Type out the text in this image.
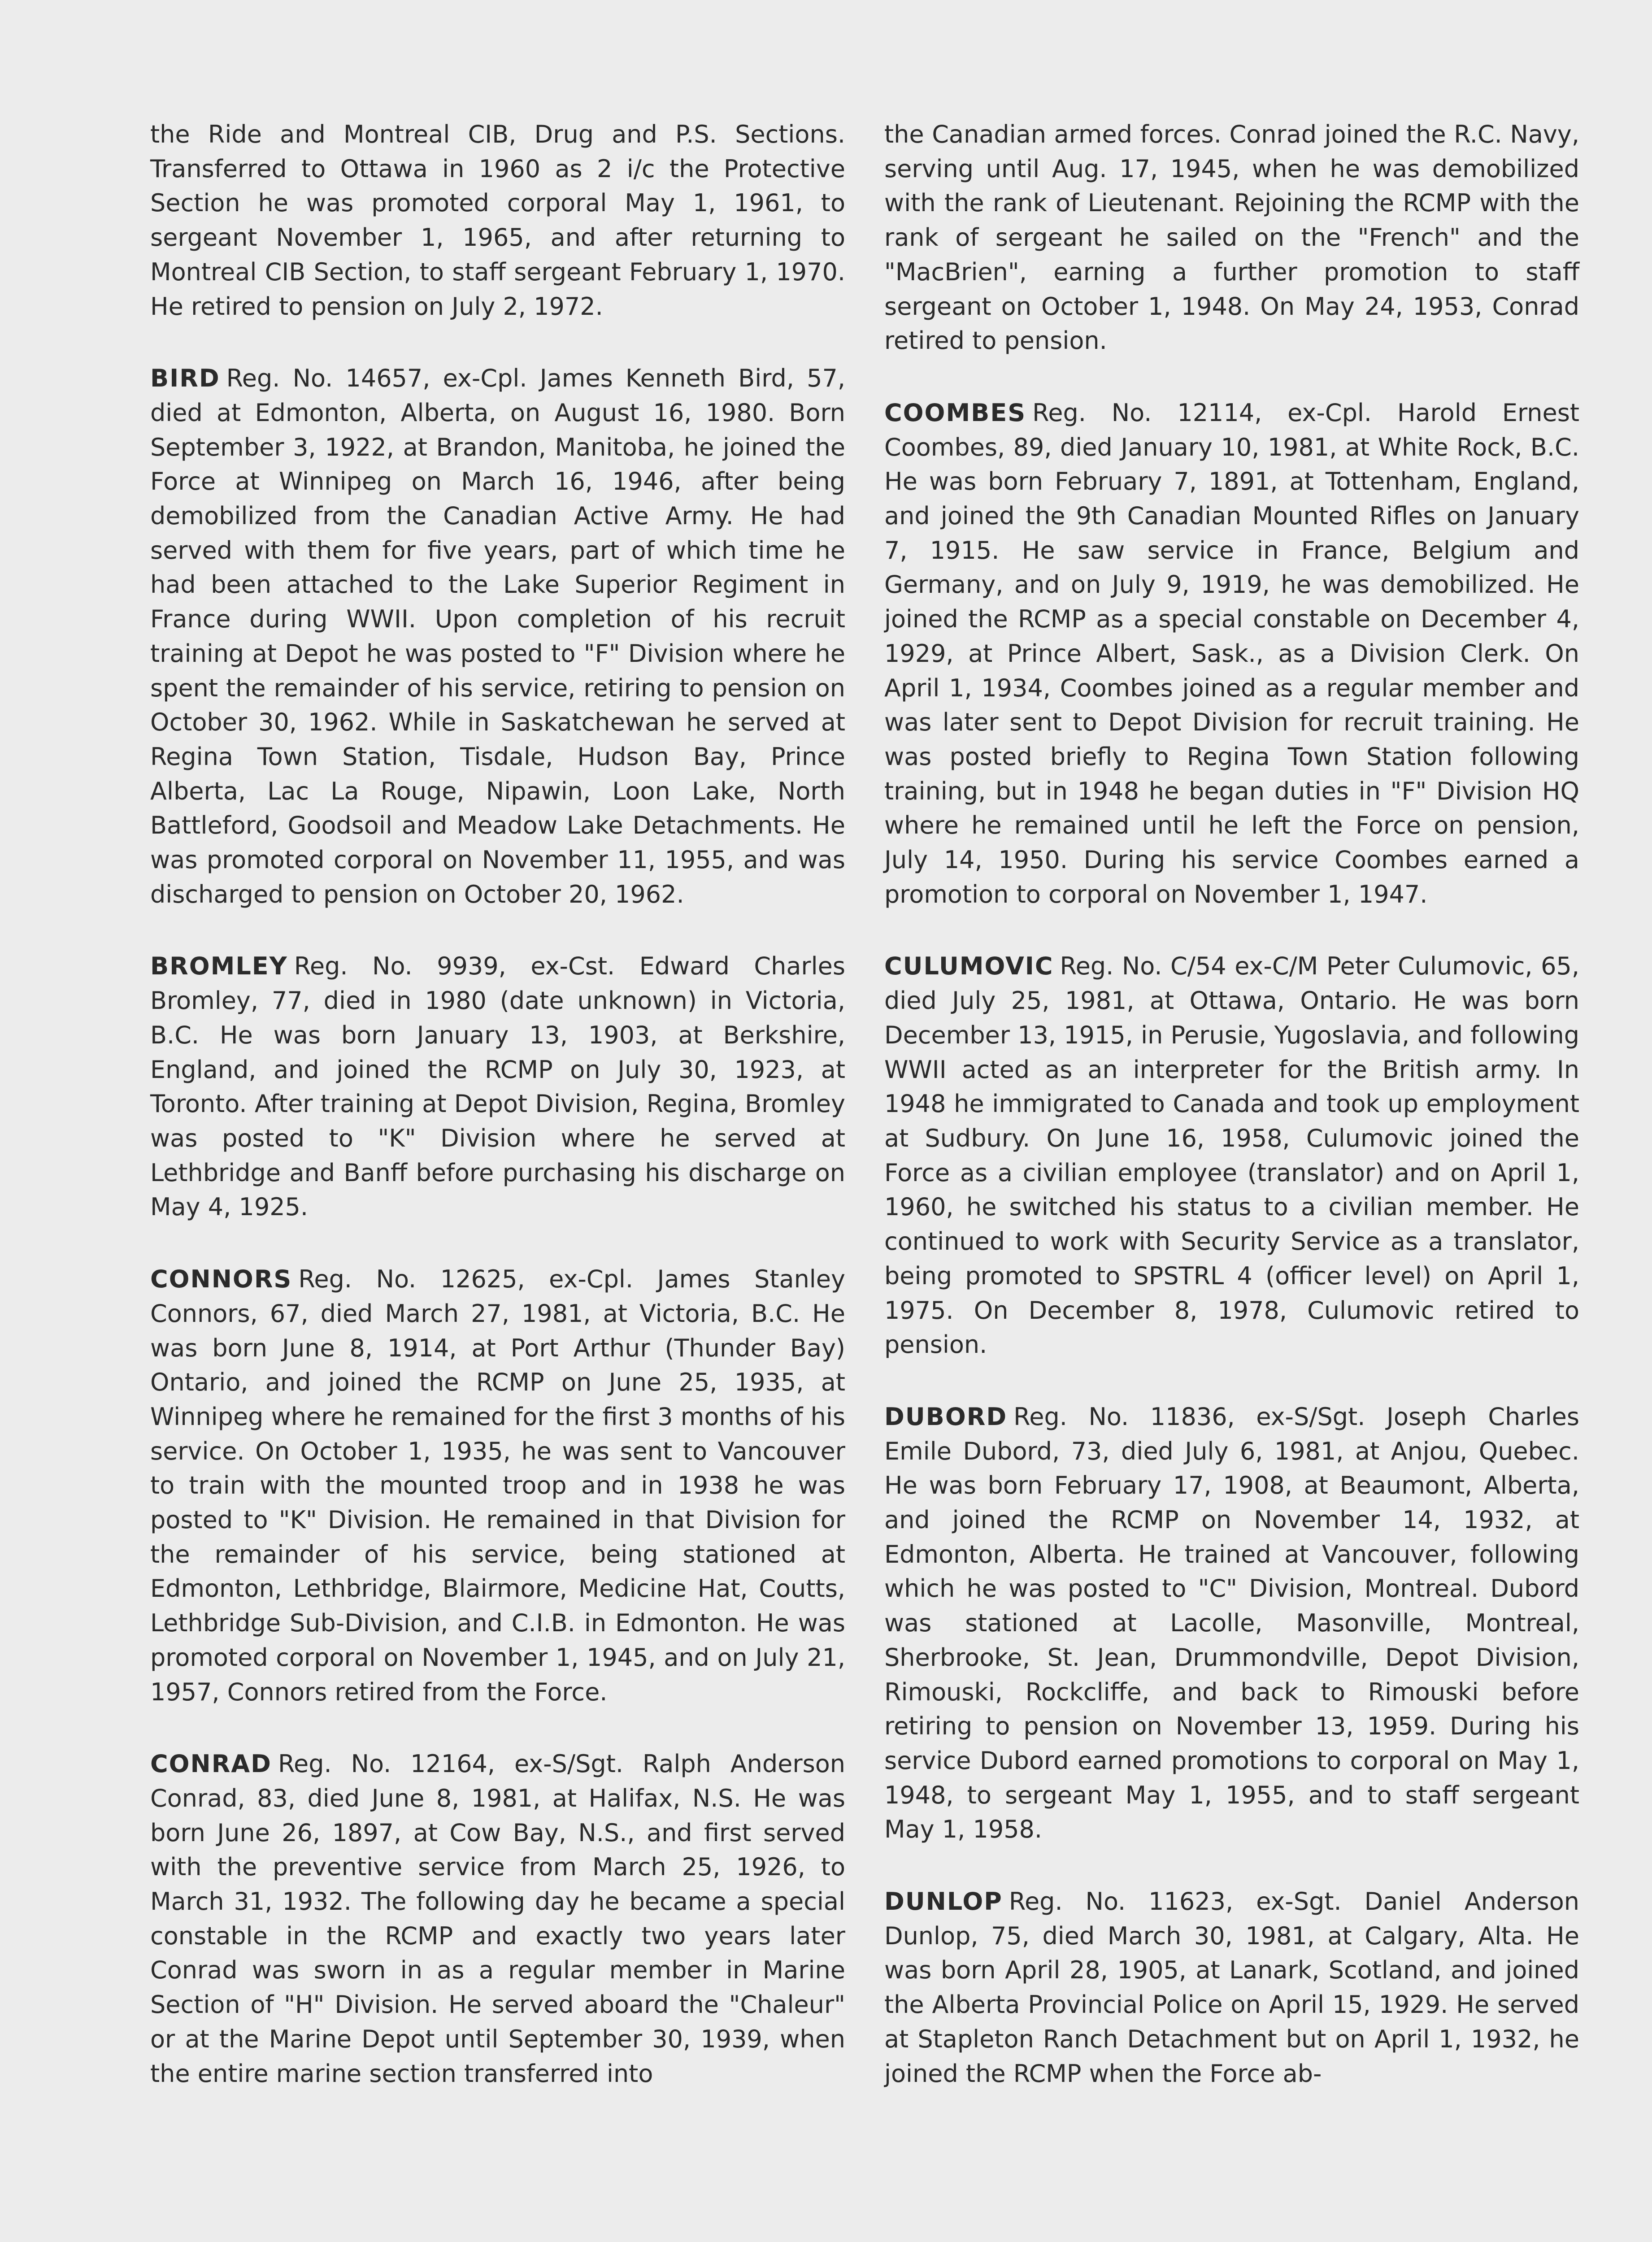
the Ride and Montreal CIB, Drug and P.S. Sections. Transferred to Ottawa in 1960 as 2 i/c the Protective Section he was promoted corporal May 1, 1961, to sergeant November 1, 1965, and after returning to Montreal CIB Section, to staff sergeant February 1, 1970. He retired to pension on July 2, 1972.

BIRD Reg. No. 14657, ex-Cpl. James Kenneth Bird, 57, died at Edmonton, Alberta, on August 16, 1980. Born September 3, 1922, at Brandon, Manitoba, he joined the Force at Winnipeg on March 16, 1946, after being demobilized from the Canadian Active Army. He had served with them for five years, part of which time he had been attached to the Lake Superior Regiment in France during WWII. Upon completion of his recruit training at Depot he was posted to "F" Division where he spent the remainder of his service, retiring to pension on October 30, 1962. While in Saskatchewan he served at Regina Town Station, Tisdale, Hudson Bay, Prince Alberta, Lac La Rouge, Nipawin, Loon Lake, North Battleford, Goodsoil and Meadow Lake Detachments. He was promoted corporal on November 11, 1955, and was discharged to pension on October 20, 1962.

BROMLEY Reg. No. 9939, ex-Cst. Edward Charles Bromley, 77, died in 1980 (date unknown) in Victoria, B.C. He was born January 13, 1903, at Berkshire, England, and joined the RCMP on July 30, 1923, at Toronto. After training at Depot Division, Regina, Bromley was posted to "K" Division where he served at Lethbridge and Banff before purchasing his discharge on May 4, 1925.

CONNORS Reg. No. 12625, ex-Cpl. James Stanley Connors, 67, died March 27, 1981, at Victoria, B.C. He was born June 8, 1914, at Port Arthur (Thunder Bay) Ontario, and joined the RCMP on June 25, 1935, at Winnipeg where he remained for the first 3 months of his service. On October 1, 1935, he was sent to Vancouver to train with the mounted troop and in 1938 he was posted to "K" Division. He remained in that Division for the remainder of his service, being stationed at Edmonton, Lethbridge, Blairmore, Medicine Hat, Coutts, Lethbridge Sub-Division, and C.I.B. in Edmonton. He was promoted corporal on November 1, 1945, and on July 21, 1957, Connors retired from the Force.

CONRAD Reg. No. 12164, ex-S/Sgt. Ralph Anderson Conrad, 83, died June 8, 1981, at Halifax, N.S. He was born June 26, 1897, at Cow Bay, N.S., and first served with the preventive service from March 25, 1926, to March 31, 1932. The following day he became a special constable in the RCMP and exactly two years later Conrad was sworn in as a regular member in Marine Section of "H" Division. He served aboard the "Chaleur" or at the Marine Depot until September 30, 1939, when the entire marine section transferred into

the Canadian armed forces. Conrad joined the R.C. Navy, serving until Aug. 17, 1945, when he was demobilized with the rank of Lieutenant. Rejoining the RCMP with the rank of sergeant he sailed on the "French" and the "MacBrien", earning a further promotion to staff sergeant on October 1, 1948. On May 24, 1953, Conrad retired to pension.

COOMBES Reg. No. 12114, ex-Cpl. Harold Ernest Coombes, 89, died January 10, 1981, at White Rock, B.C. He was born February 7, 1891, at Tottenham, England, and joined the 9th Canadian Mounted Rifles on January 7, 1915. He saw service in France, Belgium and Germany, and on July 9, 1919, he was demobilized. He joined the RCMP as a special constable on December 4, 1929, at Prince Albert, Sask., as a Division Clerk. On April 1, 1934, Coombes joined as a regular member and was later sent to Depot Division for recruit training. He was posted briefly to Regina Town Station following training, but in 1948 he began duties in "F" Division HQ where he remained until he left the Force on pension, July 14, 1950. During his service Coombes earned a promotion to corporal on November 1, 1947.

CULUMOVIC Reg. No. C/54 ex-C/M Peter Culumovic, 65, died July 25, 1981, at Ottawa, Ontario. He was born December 13, 1915, in Perusie, Yugoslavia, and following WWII acted as an interpreter for the British army. In 1948 he immigrated to Canada and took up employment at Sudbury. On June 16, 1958, Culumovic joined the Force as a civilian employee (translator) and on April 1, 1960, he switched his status to a civilian member. He continued to work with Security Service as a translator, being promoted to SPSTRL 4 (officer level) on April 1, 1975. On December 8, 1978, Culumovic retired to pension.

DUBORD Reg. No. 11836, ex-S/Sgt. Joseph Charles Emile Dubord, 73, died July 6, 1981, at Anjou, Quebec. He was born February 17, 1908, at Beaumont, Alberta, and joined the RCMP on November 14, 1932, at Edmonton, Alberta. He trained at Vancouver, following which he was posted to "C" Division, Montreal. Dubord was stationed at Lacolle, Masonville, Montreal, Sherbrooke, St. Jean, Drummondville, Depot Division, Rimouski, Rockcliffe, and back to Rimouski before retiring to pension on November 13, 1959. During his service Dubord earned promotions to corporal on May 1, 1948, to sergeant May 1, 1955, and to staff sergeant May 1, 1958.

DUNLOP Reg. No. 11623, ex-Sgt. Daniel Anderson Dunlop, 75, died March 30, 1981, at Calgary, Alta. He was born April 28, 1905, at Lanark, Scotland, and joined the Alberta Provincial Police on April 15, 1929. He served at Stapleton Ranch Detachment but on April 1, 1932, he joined the RCMP when the Force ab-
